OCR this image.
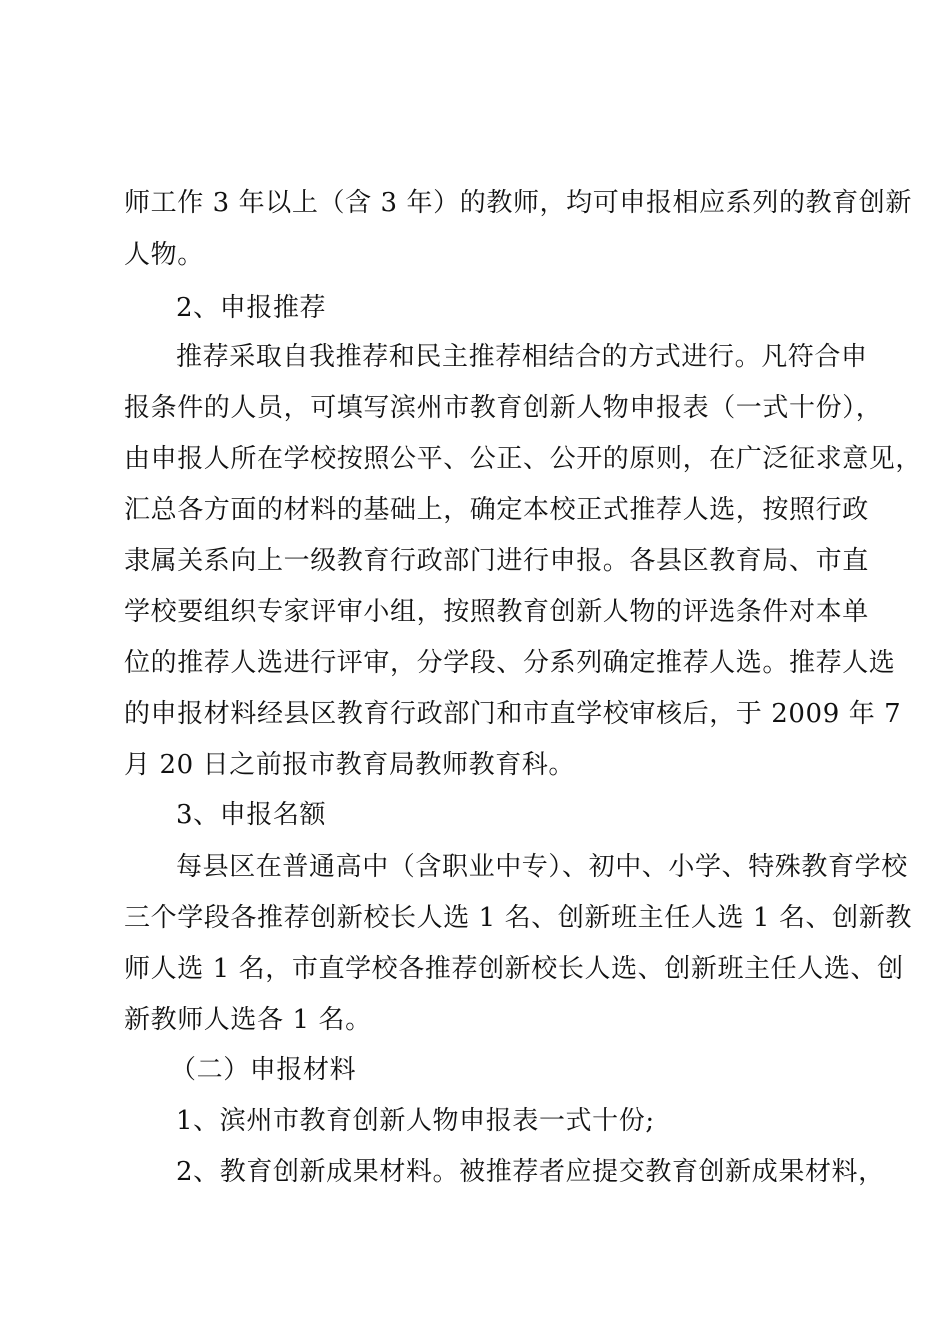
师工作 3 年以上（含 3 年）的教师，均可申报相应系列的教育创新
人物。
2、申报推荐
推荐采取自我推荐和民主推荐相结合的方式进行。凡符合申
报条件的人员，可填写滨州市教育创新人物申报表（一式十份），
由申报人所在学校按照公平、公正、公开的原则，在广泛征求意见，
汇总各方面的材料的基础上，确定本校正式推荐人选，按照行政
隶属关系向上一级教育行政部门进行申报。各县区教育局、市直
学校要组织专家评审小组，按照教育创新人物的评选条件对本单
位的推荐人选进行评审，分学段、分系列确定推荐人选。推荐人选
的申报材料经县区教育行政部门和市直学校审核后，于 2009 年 7
月 20 日之前报市教育局教师教育科。
3、申报名额
每县区在普通高中（含职业中专）、初中、小学、特殊教育学校
三个学段各推荐创新校长人选 1 名、创新班主任人选 1 名、创新教
师人选 1 名，市直学校各推荐创新校长人选、创新班主任人选、创
新教师人选各 1 名。
（二）申报材料
1、滨州市教育创新人物申报表一式十份;
2、教育创新成果材料。被推荐者应提交教育创新成果材料，
